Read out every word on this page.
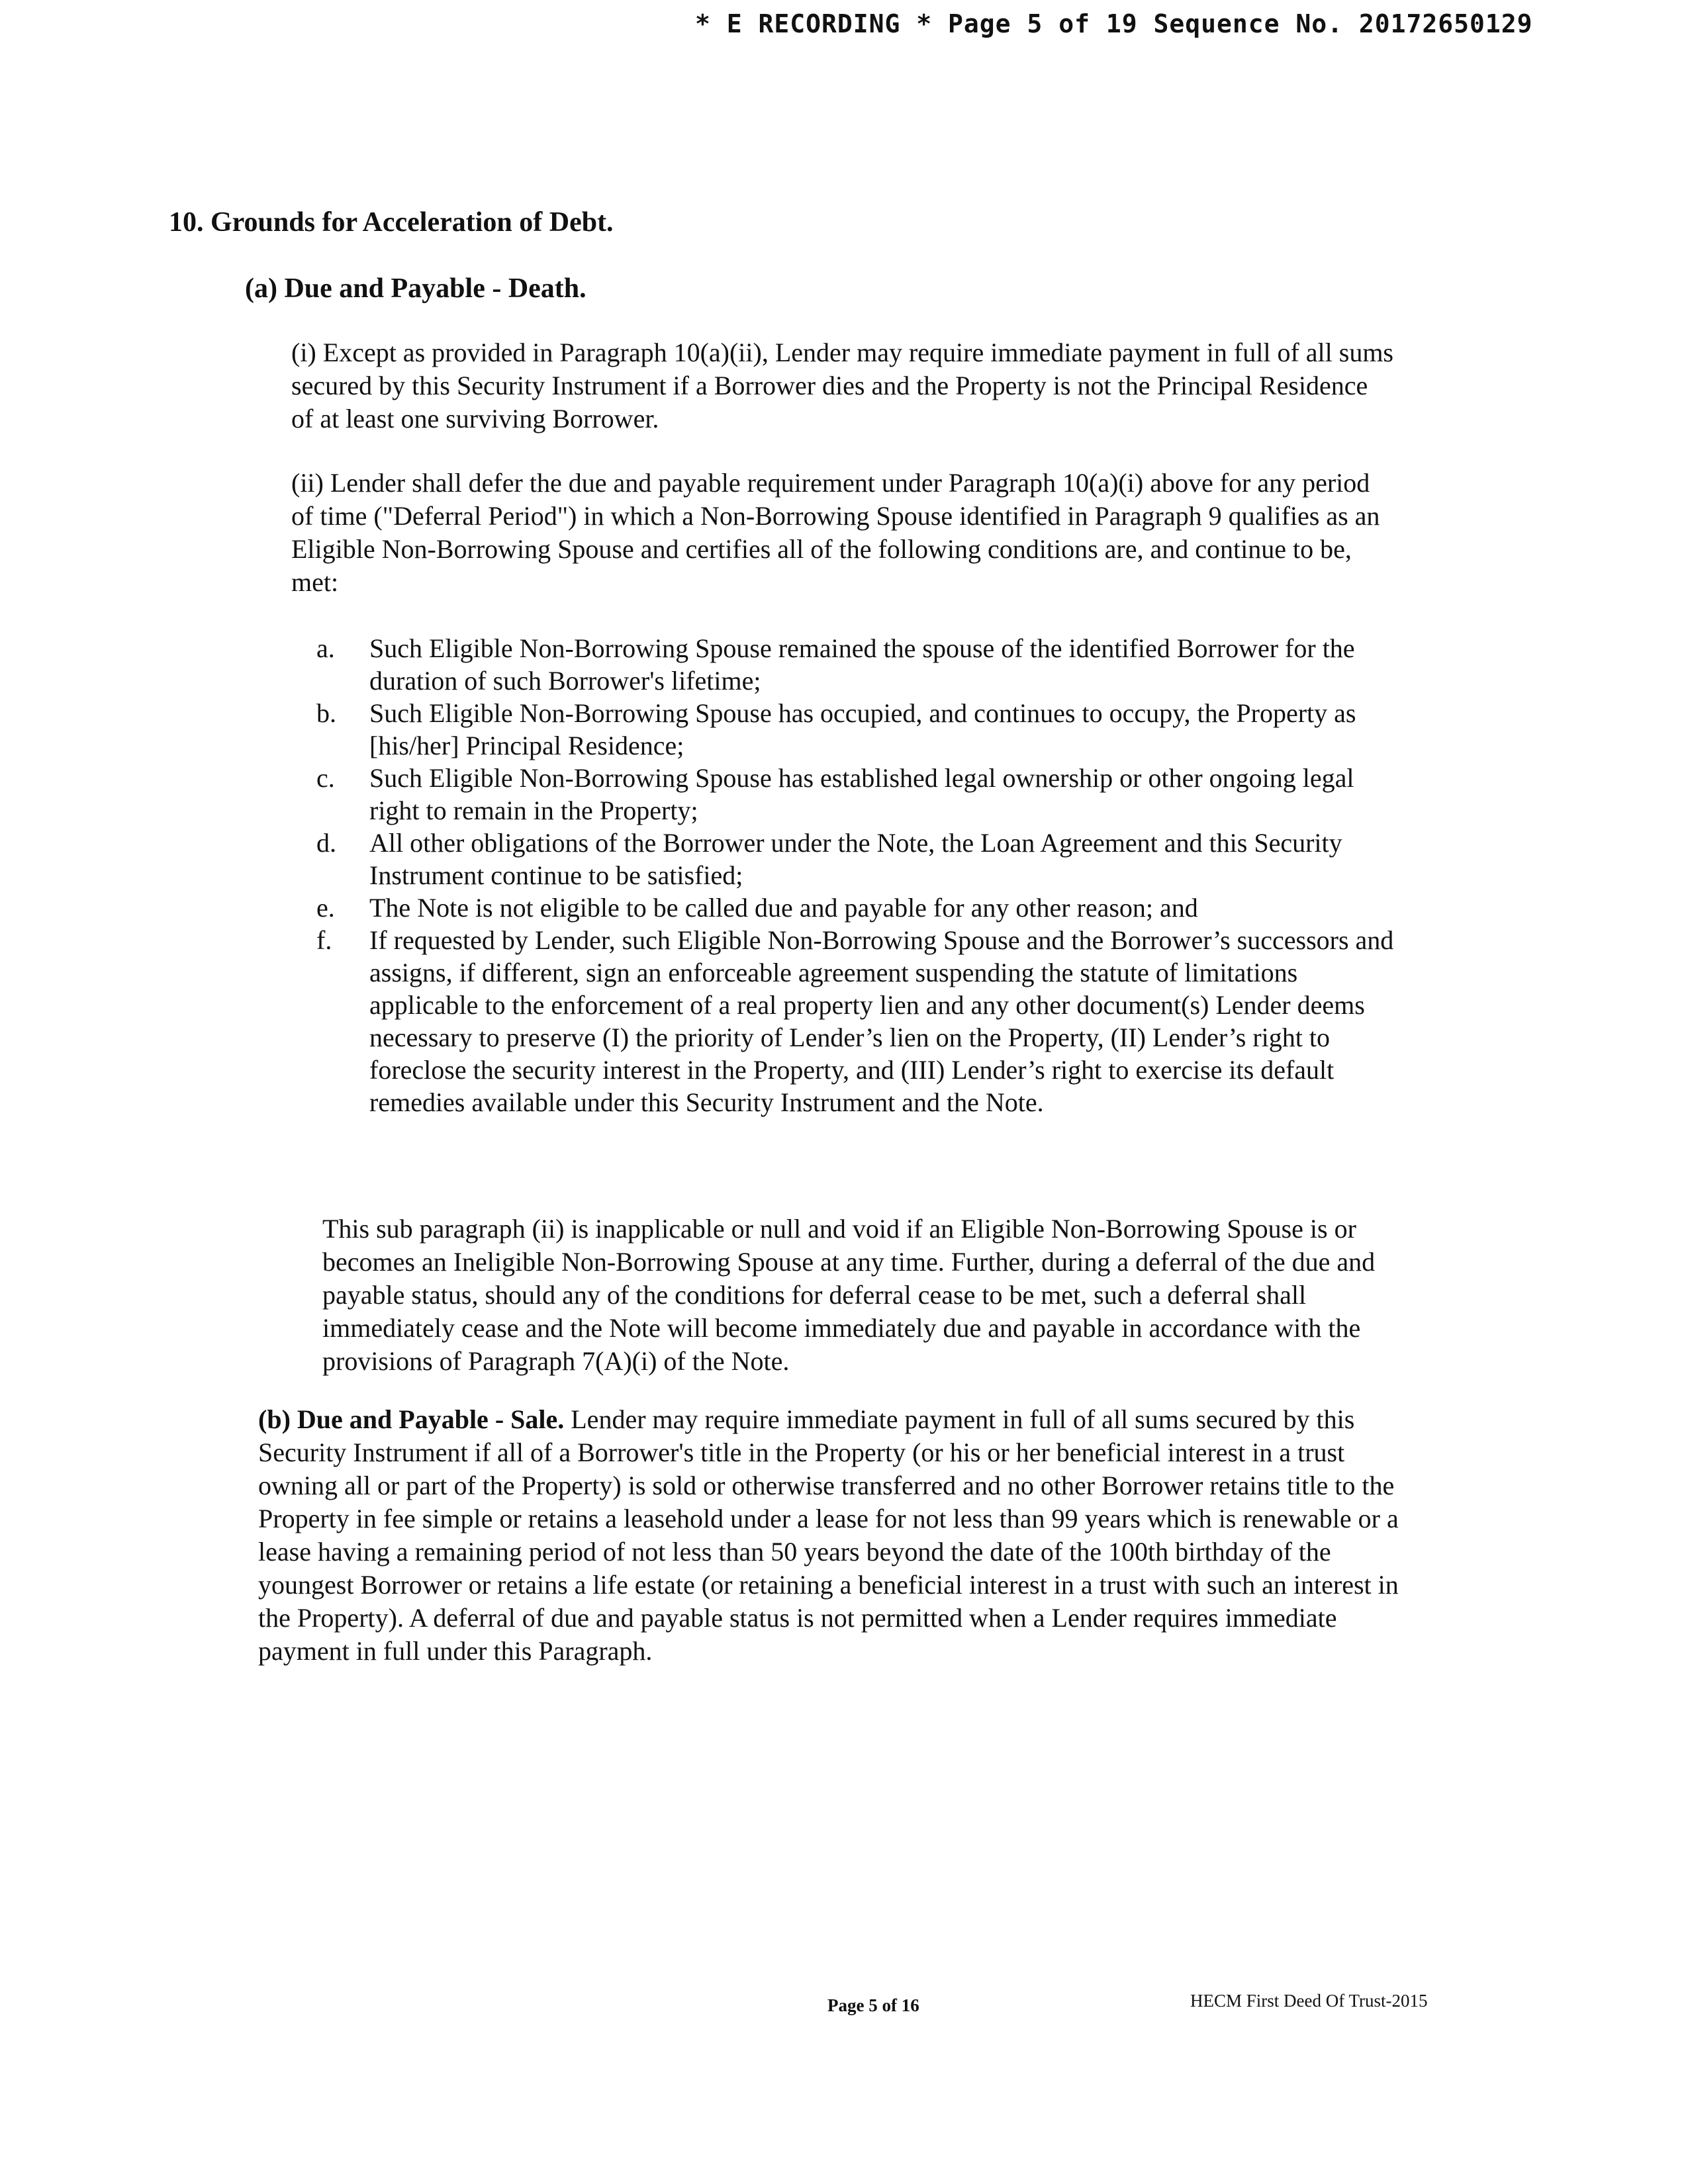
* E RECORDING * Page 5 of 19 Sequence No. 20172650129
10. Grounds for Acceleration of Debt.
(a) Due and Payable - Death.
(i) Except as provided in Paragraph 10(a)(ii), Lender may require immediate payment in full of all sums secured by this Security Instrument if a Borrower dies and the Property is not the Principal Residence of at least one surviving Borrower.
(ii) Lender shall defer the due and payable requirement under Paragraph 10(a)(i) above for any period of time ("Deferral Period") in which a Non-Borrowing Spouse identified in Paragraph 9 qualifies as an Eligible Non-Borrowing Spouse and certifies all of the following conditions are, and continue to be, met:
a. Such Eligible Non-Borrowing Spouse remained the spouse of the identified Borrower for the duration of such Borrower's lifetime;
b. Such Eligible Non-Borrowing Spouse has occupied, and continues to occupy, the Property as [his/her] Principal Residence;
c. Such Eligible Non-Borrowing Spouse has established legal ownership or other ongoing legal right to remain in the Property;
d. All other obligations of the Borrower under the Note, the Loan Agreement and this Security Instrument continue to be satisfied;
e. The Note is not eligible to be called due and payable for any other reason; and
f. If requested by Lender, such Eligible Non-Borrowing Spouse and the Borrower’s successors and assigns, if different, sign an enforceable agreement suspending the statute of limitations applicable to the enforcement of a real property lien and any other document(s) Lender deems necessary to preserve (I) the priority of Lender’s lien on the Property, (II) Lender’s right to foreclose the security interest in the Property, and (III) Lender’s right to exercise its default remedies available under this Security Instrument and the Note.
This sub paragraph (ii) is inapplicable or null and void if an Eligible Non-Borrowing Spouse is or becomes an Ineligible Non-Borrowing Spouse at any time. Further, during a deferral of the due and payable status, should any of the conditions for deferral cease to be met, such a deferral shall immediately cease and the Note will become immediately due and payable in accordance with the provisions of Paragraph 7(A)(i) of the Note.
(b) Due and Payable - Sale. Lender may require immediate payment in full of all sums secured by this Security Instrument if all of a Borrower's title in the Property (or his or her beneficial interest in a trust owning all or part of the Property) is sold or otherwise transferred and no other Borrower retains title to the Property in fee simple or retains a leasehold under a lease for not less than 99 years which is renewable or a lease having a remaining period of not less than 50 years beyond the date of the 100th birthday of the youngest Borrower or retains a life estate (or retaining a beneficial interest in a trust with such an interest in the Property). A deferral of due and payable status is not permitted when a Lender requires immediate payment in full under this Paragraph.
Page 5 of 16	HECM First Deed Of Trust-2015
